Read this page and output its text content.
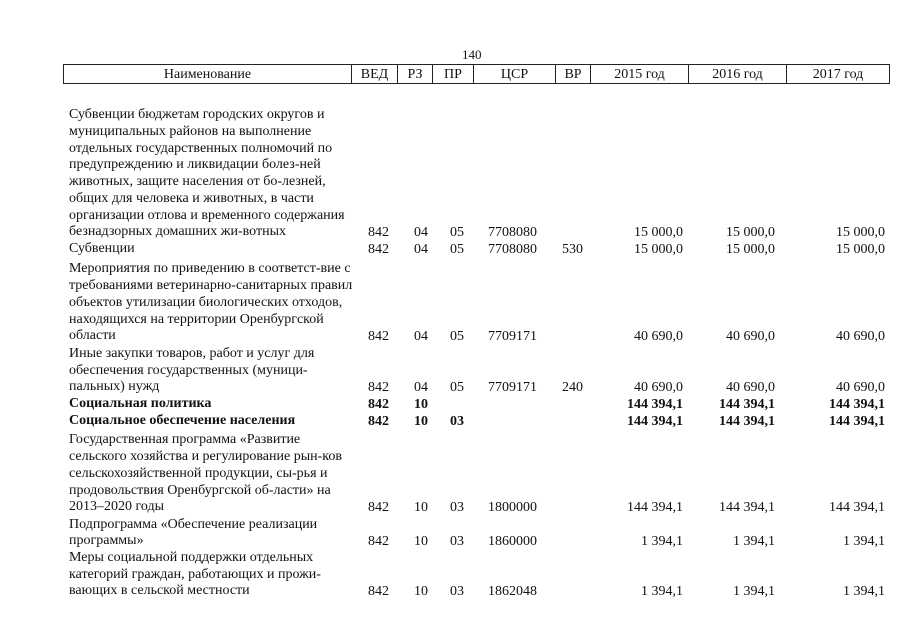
140
Наименование	ВЕД	РЗ	ПР	ЦСР	ВР	2015 год	2016 год	2017 год
Субвенции бюджетам городских округов и муниципальных районов на выполнение отдельных государственных полномочий по предупреждению и ликвидации болез-ней животных, защите населения от бо-лезней, общих для человека и животных, в части организации отлова и временного содержания безнадзорных домашних жи-вотных	842 04 05 7708080	15 000,0	15 000,0	15 000,0
Субвенции	842 04 05 7708080 530	15 000,0	15 000,0	15 000,0
Мероприятия по приведению в соответст-вие с требованиями ветеринарно-санитарных правил объектов утилизации биологических отходов, находящихся на территории Оренбургской области	842 04 05 7709171	40 690,0	40 690,0	40 690,0
Иные закупки товаров, работ и услуг для обеспечения государственных (муници-пальных) нужд	842 04 05 7709171 240	40 690,0	40 690,0	40 690,0
Социальная политика	842 10	144 394,1	144 394,1	144 394,1
Социальное обеспечение населения	842 10 03	144 394,1	144 394,1	144 394,1
Государственная программа «Развитие сельского хозяйства и регулирование рын-ков сельскохозяйственной продукции, сы-рья и продовольствия Оренбургской об-ласти» на 2013–2020 годы	842 10 03 1800000	144 394,1	144 394,1	144 394,1
Подпрограмма «Обеспечение реализации программы»	842 10 03 1860000	1 394,1	1 394,1	1 394,1
Меры социальной поддержки отдельных категорий граждан, работающих и прожи-вающих в сельской местности	842 10 03 1862048	1 394,1	1 394,1	1 394,1
